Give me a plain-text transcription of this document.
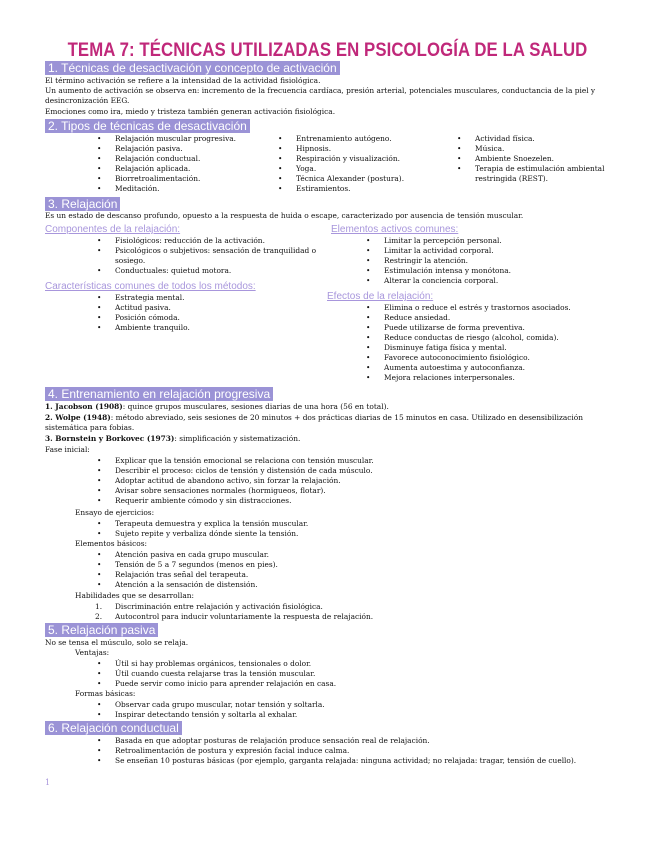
TEMA 7: TÉCNICAS UTILIZADAS EN PSICOLOGÍA DE LA SALUD
1. Técnicas de desactivación y concepto de activación
El término activación se refiere a la intensidad de la actividad fisiológica.
Un aumento de activación se observa en: incremento de la frecuencia cardíaca, presión arterial, potenciales musculares, conductancia de la piel y desincronización EEG.
Emociones como ira, miedo y tristeza también generan activación fisiológica.
2. Tipos de técnicas de desactivación
• Relajación muscular progresiva.
• Relajación pasiva.
• Relajación conductual.
• Relajación aplicada.
• Biorretroalimentación.
• Meditación.
• Entrenamiento autógeno.
• Hipnosis.
• Respiración y visualización.
• Yoga.
• Técnica Alexander (postura).
• Estiramientos.
• Actividad física.
• Música.
• Ambiente Snoezelen.
• Terapia de estimulación ambiental restringida (REST).
3. Relajación
Es un estado de descanso profundo, opuesto a la respuesta de huida o escape, caracterizado por ausencia de tensión muscular.
Componentes de la relajación:
• Fisiológicos: reducción de la activación.
• Psicológicos o subjetivos: sensación de tranquilidad o sosiego.
• Conductuales: quietud motora.
Elementos activos comunes:
• Limitar la percepción personal.
• Limitar la actividad corporal.
• Restringir la atención.
• Estimulación intensa y monótona.
• Alterar la conciencia corporal.
Características comunes de todos los métodos:
• Estrategia mental.
• Actitud pasiva.
• Posición cómoda.
• Ambiente tranquilo.
Efectos de la relajación:
• Elimina o reduce el estrés y trastornos asociados.
• Reduce ansiedad.
• Puede utilizarse de forma preventiva.
• Reduce conductas de riesgo (alcohol, comida).
• Disminuye fatiga física y mental.
• Favorece autoconocimiento fisiológico.
• Aumenta autoestima y autoconfianza.
• Mejora relaciones interpersonales.
4. Entrenamiento en relajación progresiva
1. Jacobson (1908): quince grupos musculares, sesiones diarias de una hora (56 en total).
2. Wolpe (1948): método abreviado, seis sesiones de 20 minutos + dos prácticas diarias de 15 minutos en casa. Utilizado en desensibilización sistemática para fobias.
3. Bornstein y Borkovec (1973): simplificación y sistematización.
Fase inicial:
• Explicar que la tensión emocional se relaciona con tensión muscular.
• Describir el proceso: ciclos de tensión y distensión de cada músculo.
• Adoptar actitud de abandono activo, sin forzar la relajación.
• Avisar sobre sensaciones normales (hormigueos, flotar).
• Requerir ambiente cómodo y sin distracciones.
Ensayo de ejercicios:
• Terapeuta demuestra y explica la tensión muscular.
• Sujeto repite y verbaliza dónde siente la tensión.
Elementos básicos:
• Atención pasiva en cada grupo muscular.
• Tensión de 5 a 7 segundos (menos en pies).
• Relajación tras señal del terapeuta.
• Atención a la sensación de distensión.
Habilidades que se desarrollan:
1. Discriminación entre relajación y activación fisiológica.
2. Autocontrol para inducir voluntariamente la respuesta de relajación.
5. Relajación pasiva
No se tensa el músculo, solo se relaja.
Ventajas:
• Útil si hay problemas orgánicos, tensionales o dolor.
• Útil cuando cuesta relajarse tras la tensión muscular.
• Puede servir como inicio para aprender relajación en casa.
Formas básicas:
• Observar cada grupo muscular, notar tensión y soltarla.
• Inspirar detectando tensión y soltarla al exhalar.
6. Relajación conductual
• Basada en que adoptar posturas de relajación produce sensación real de relajación.
• Retroalimentación de postura y expresión facial induce calma.
• Se enseñan 10 posturas básicas (por ejemplo, garganta relajada: ninguna actividad; no relajada: tragar, tensión de cuello).
1
